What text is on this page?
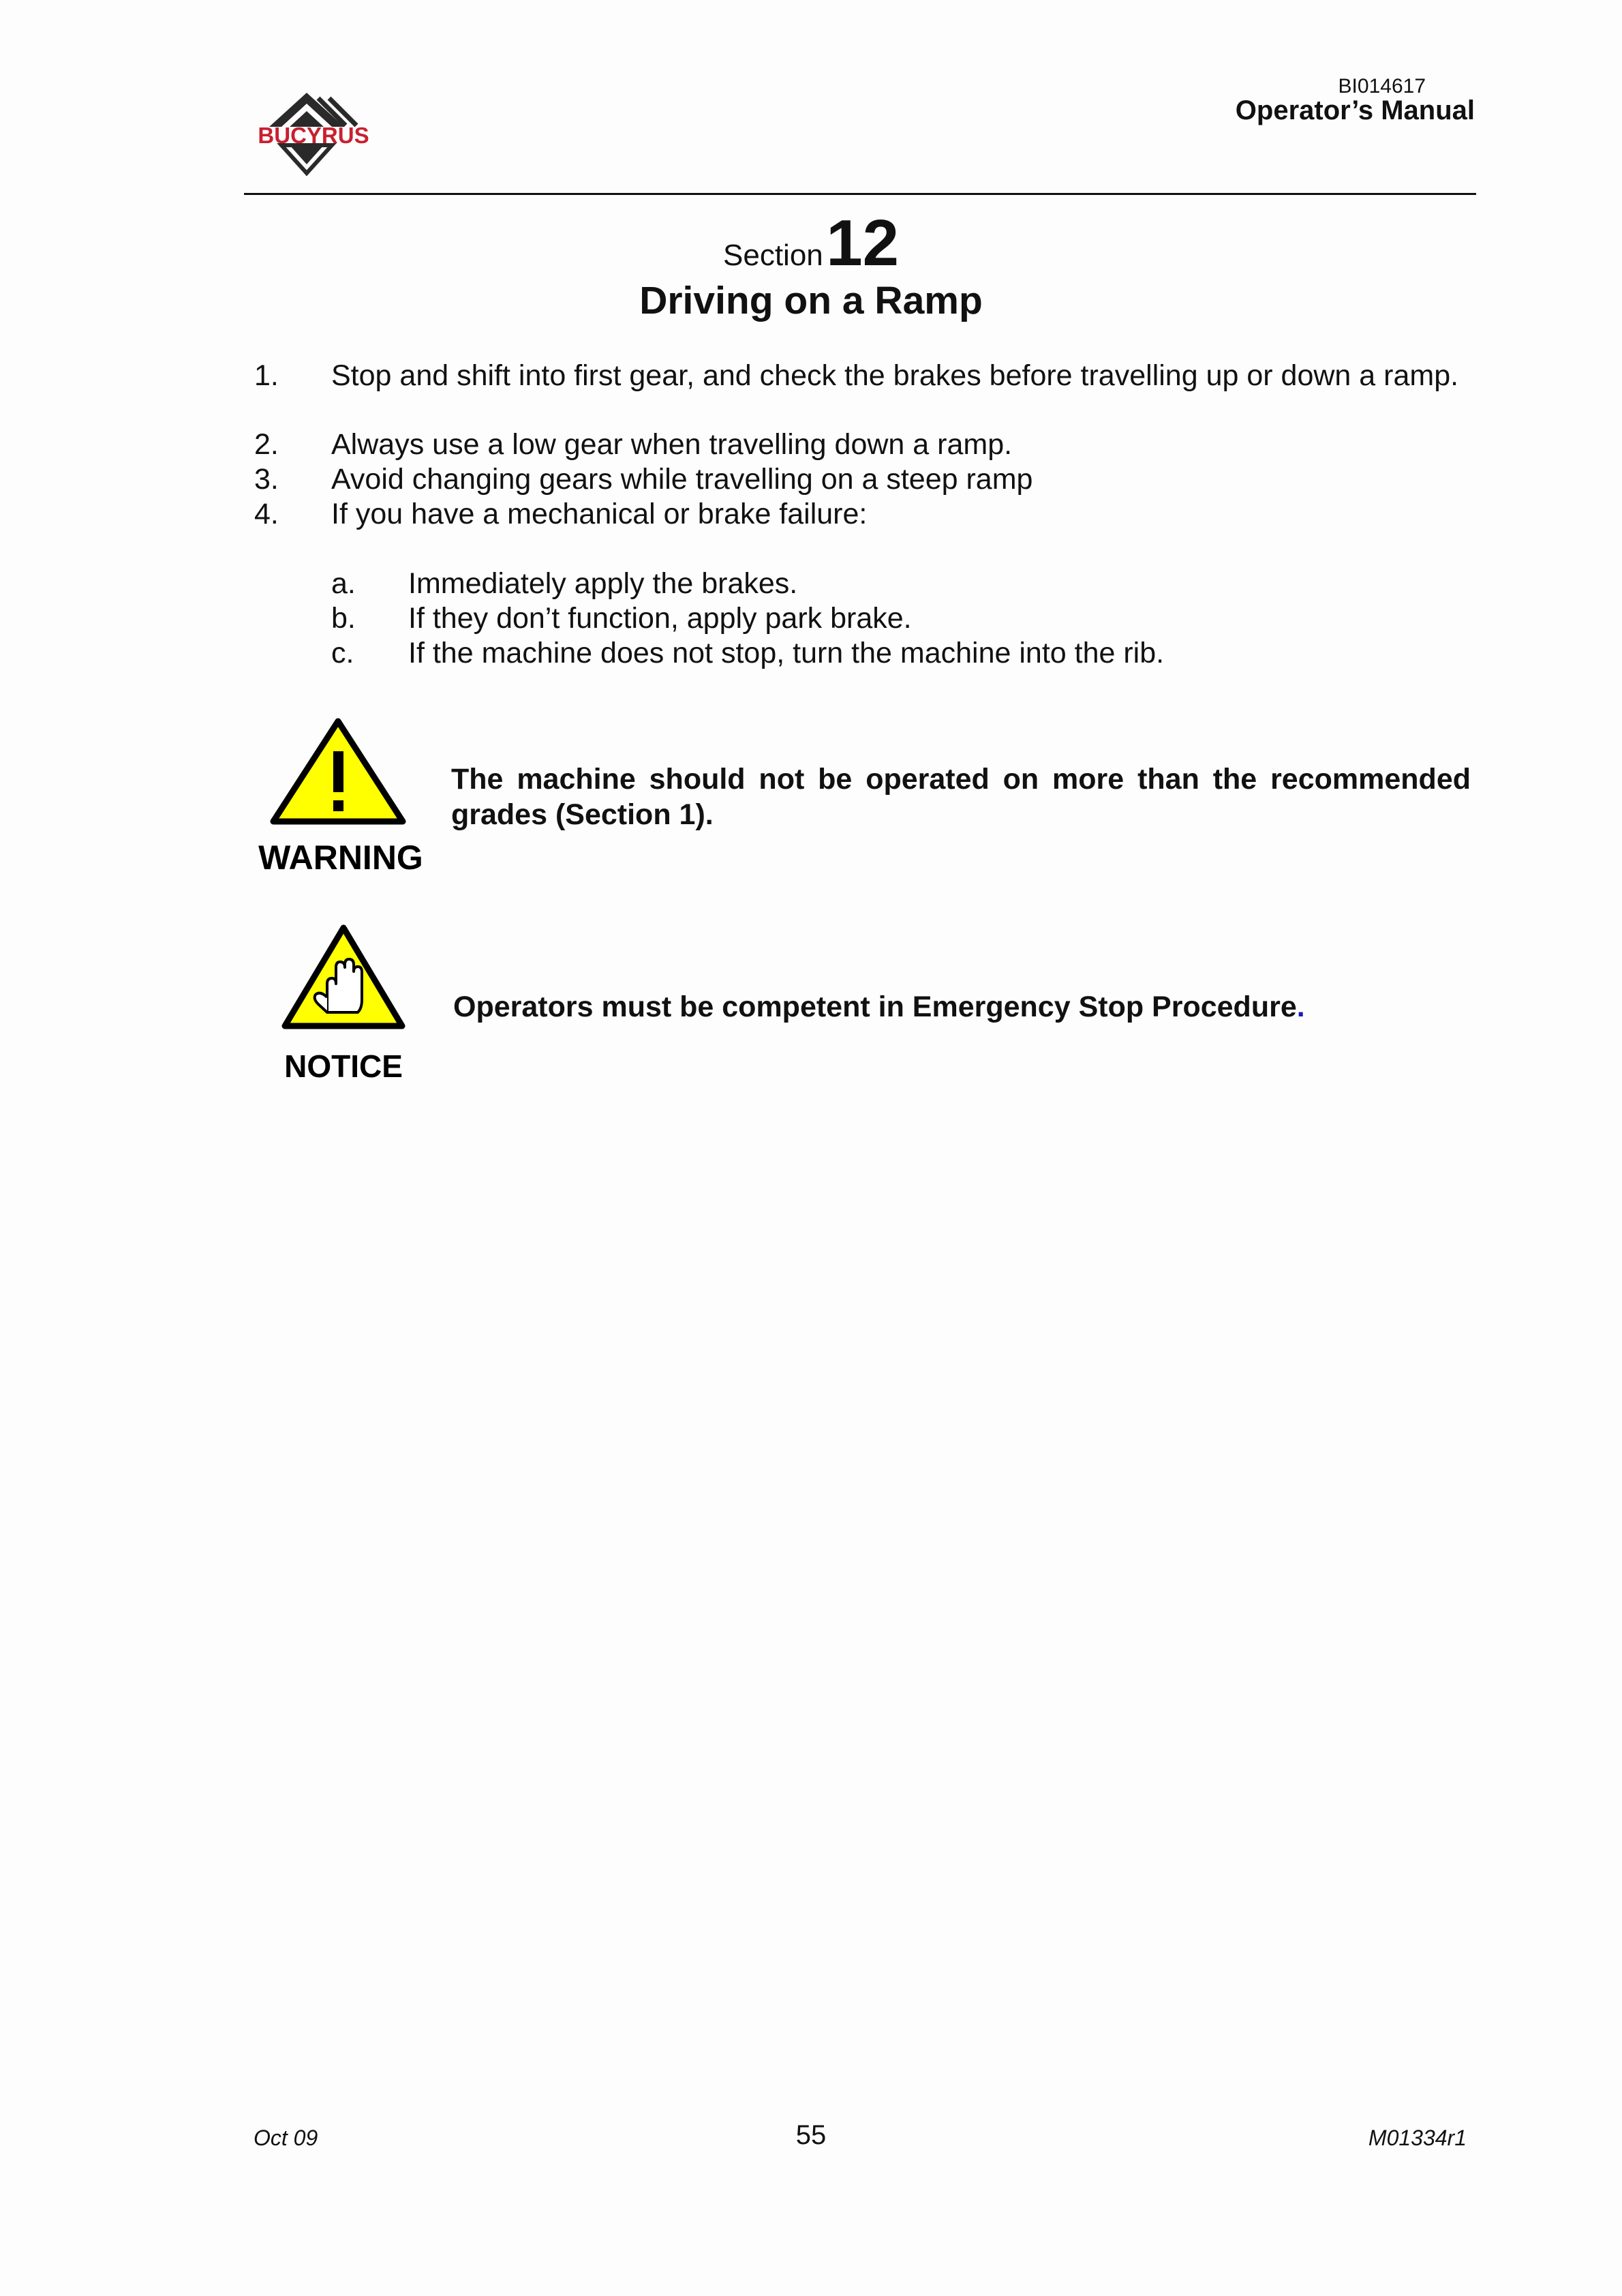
BUCYRUS
BI014617
Operator’s Manual
Section 12
Driving on a Ramp
1. Stop and shift into first gear, and check the brakes before travelling up or down a ramp.
2. Always use a low gear when travelling down a ramp.
3. Avoid changing gears while travelling on a steep ramp
4. If you have a mechanical or brake failure:
a. Immediately apply the brakes.
b. If they don’t function, apply park brake.
c. If the machine does not stop, turn the machine into the rib.
WARNING
The machine should not be operated on more than the recommended grades (Section 1).
NOTICE
Operators must be competent in Emergency Stop Procedure.
Oct 09	55	M01334r1
